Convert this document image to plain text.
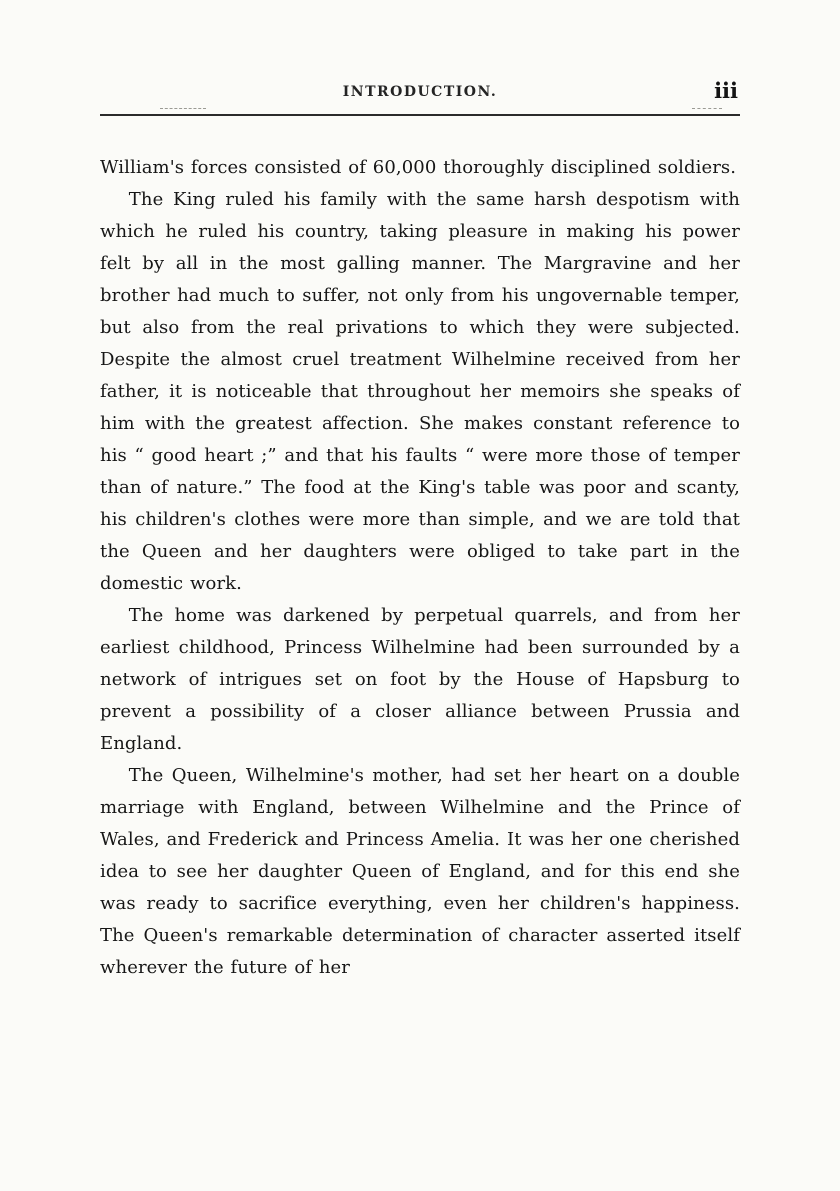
INTRODUCTION.	iii

William's forces consisted of 60,000 thoroughly disciplined soldiers.

The King ruled his family with the same harsh despotism with which he ruled his country, taking pleasure in making his power felt by all in the most galling manner. The Margravine and her brother had much to suffer, not only from his ungovernable temper, but also from the real privations to which they were subjected. Despite the almost cruel treatment Wilhelmine received from her father, it is noticeable that throughout her memoirs she speaks of him with the greatest affection. She makes constant reference to his “ good heart ;” and that his faults “ were more those of temper than of nature.” The food at the King's table was poor and scanty, his children's clothes were more than simple, and we are told that the Queen and her daughters were obliged to take part in the domestic work.

The home was darkened by perpetual quarrels, and from her earliest childhood, Princess Wilhelmine had been surrounded by a network of intrigues set on foot by the House of Hapsburg to prevent a possibility of a closer alliance between Prussia and England.

The Queen, Wilhelmine's mother, had set her heart on a double marriage with England, between Wilhelmine and the Prince of Wales, and Frederick and Princess Amelia. It was her one cherished idea to see her daughter Queen of England, and for this end she was ready to sacrifice everything, even her children's happiness. The Queen's remarkable determination of character asserted itself wherever the future of her
